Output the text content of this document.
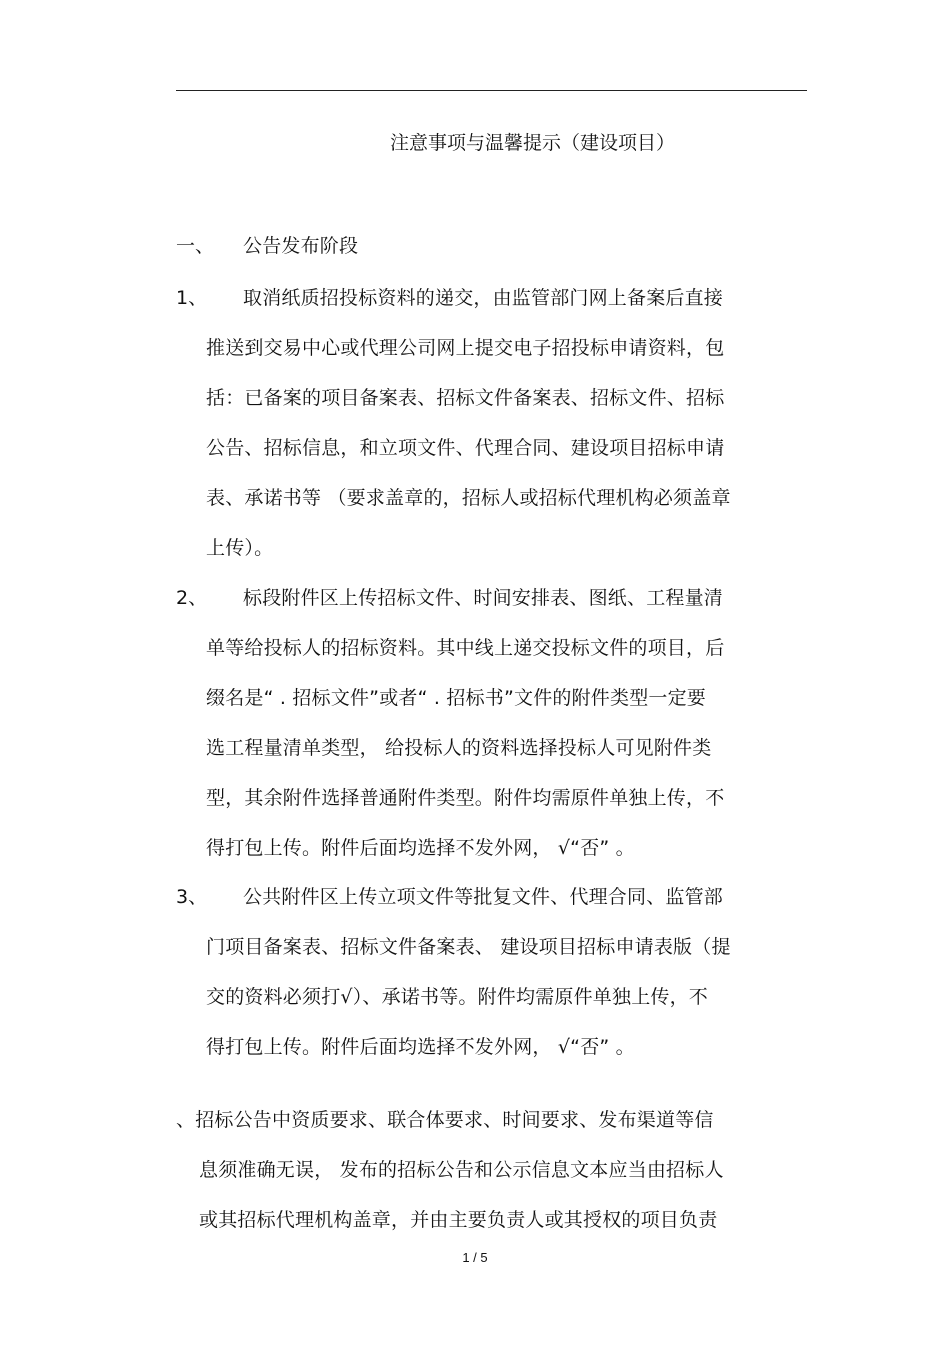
注意事项与温馨提示（建设项目）
一、 公告发布阶段
1、 取消纸质招投标资料的递交，由监管部门网上备案后直接
推送到交易中心或代理公司网上提交电子招投标申请资料，包
括：已备案的项目备案表、招标文件备案表、招标文件、招标
公告、招标信息，和立项文件、代理合同、建设项目招标申请
表、承诺书等 （要求盖章的，招标人或招标代理机构必须盖章
上传）。
2、 标段附件区上传招标文件、时间安排表、图纸、工程量清
单等给投标人的招标资料。其中线上递交投标文件的项目，后
缀名是“ . 招标文件”或者“ . 招标书”文件的附件类型一定要
选工程量清单类型， 给投标人的资料选择投标人可见附件类
型，其余附件选择普通附件类型。附件均需原件单独上传，不
得打包上传。附件后面均选择不发外网， √“否” 。
3、 公共附件区上传立项文件等批复文件、代理合同、监管部
门项目备案表、招标文件备案表、 建设项目招标申请表版（提
交的资料必须打√）、承诺书等。附件均需原件单独上传，不
得打包上传。附件后面均选择不发外网， √“否” 。
、招标公告中资质要求、联合体要求、时间要求、发布渠道等信
息须准确无误， 发布的招标公告和公示信息文本应当由招标人
或其招标代理机构盖章，并由主要负责人或其授权的项目负责
1 / 5
